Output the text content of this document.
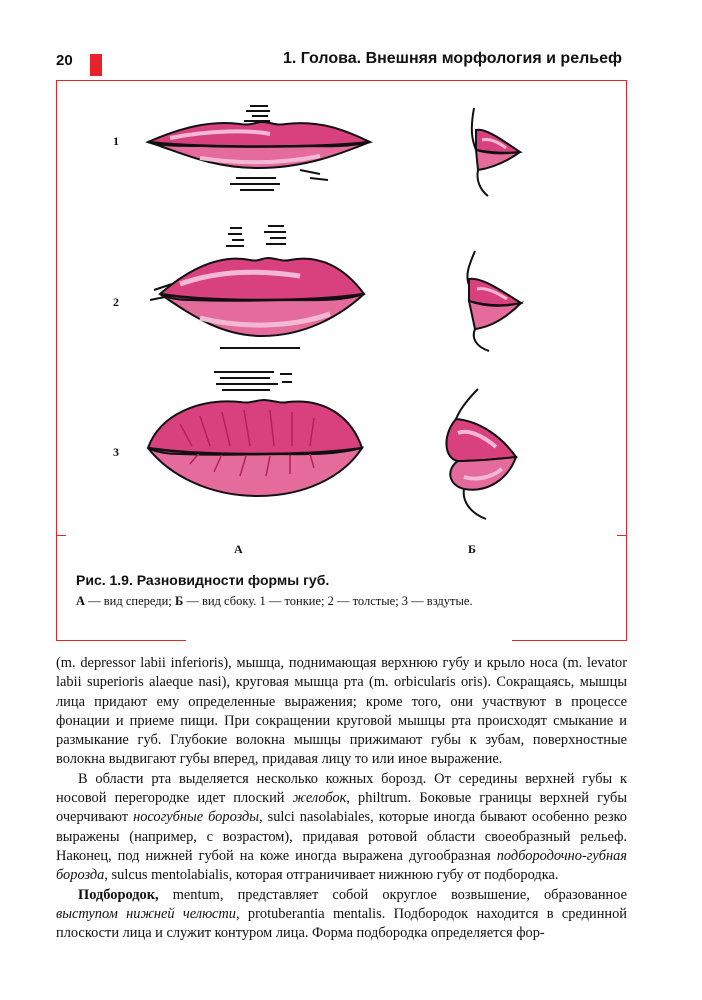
20	1. Голова. Внешняя морфология и рельеф
1
2
3
А	Б
Рис. 1.9. Разновидности формы губ.
А — вид спереди; Б — вид сбоку. 1 — тонкие; 2 — толстые; 3 — вздутые.

(m. depressor labii inferioris), мышца, поднимающая верхнюю губу и крыло носа (m. levator labii superioris alaeque nasi), круговая мышца рта (m. orbicularis oris). Сокращаясь, мышцы лица придают ему определенные выражения; кроме того, они участвуют в процессе фонации и приеме пищи. При сокращении круговой мышцы рта происходят смыкание и размыкание губ. Глубокие волокна мышцы прижимают губы к зубам, поверхностные волокна выдвигают губы вперед, придавая лицу то или иное выражение.

В области рта выделяется несколько кожных борозд. От середины верхней губы к носовой перегородке идет плоский желобок, philtrum. Боковые границы верхней губы очерчивают носогубные борозды, sulci nasolabiales, которые иногда бывают особенно резко выражены (например, с возрастом), придавая ротовой области своеобразный рельеф. Наконец, под нижней губой на коже иногда выражена дугообразная подбородочно-губная борозда, sulcus mentolabialis, которая отграничивает нижнюю губу от подбородка.

Подбородок, mentum, представляет собой округлое возвышение, образованное выступом нижней челюсти, protuberantia mentalis. Подбородок находится в срединной плоскости лица и служит контуром лица. Форма подбородка определяется фор-
